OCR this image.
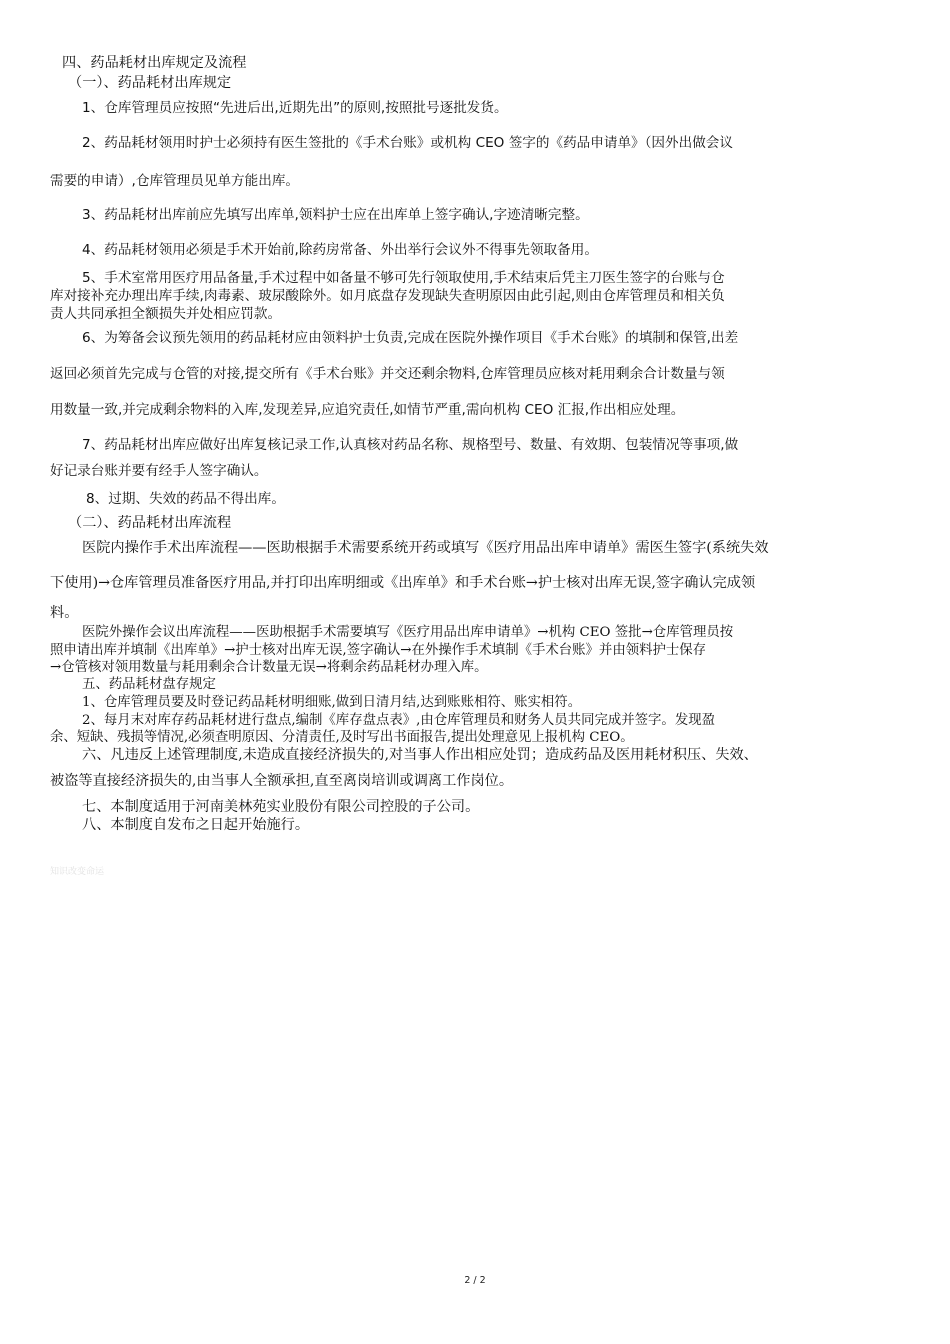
四、药品耗材出库规定及流程
（一）、药品耗材出库规定
1、仓库管理员应按照“先进后出,近期先出”的原则,按照批号逐批发货。
2、药品耗材领用时护士必须持有医生签批的《手术台账》或机构 CEO 签字的《药品申请单》（因外出做会议
需要的申请）,仓库管理员见单方能出库。
3、药品耗材出库前应先填写出库单,领料护士应在出库单上签字确认,字迹清晰完整。
4、药品耗材领用必须是手术开始前,除药房常备、外出举行会议外不得事先领取备用。
5、手术室常用医疗用品备量,手术过程中如备量不够可先行领取使用,手术结束后凭主刀医生签字的台账与仓
库对接补充办理出库手续,肉毒素、玻尿酸除外。如月底盘存发现缺失查明原因由此引起,则由仓库管理员和相关负
责人共同承担全额损失并处相应罚款。
6、为筹备会议预先领用的药品耗材应由领料护士负责,完成在医院外操作项目《手术台账》的填制和保管,出差
返回必须首先完成与仓管的对接,提交所有《手术台账》并交还剩余物料,仓库管理员应核对耗用剩余合计数量与领
用数量一致,并完成剩余物料的入库,发现差异,应追究责任,如情节严重,需向机构 CEO 汇报,作出相应处理。
7、药品耗材出库应做好出库复核记录工作,认真核对药品名称、规格型号、数量、有效期、包装情况等事项,做
好记录台账并要有经手人签字确认。
8、过期、失效的药品不得出库。
（二）、药品耗材出库流程
医院内操作手术出库流程——医助根据手术需要系统开药或填写《医疗用品出库申请单》需医生签字(系统失效
下使用)→仓库管理员准备医疗用品,并打印出库明细或《出库单》和手术台账→护士核对出库无误,签字确认完成领
料。
医院外操作会议出库流程——医助根据手术需要填写《医疗用品出库申请单》→机构 CEO 签批→仓库管理员按
照申请出库并填制《出库单》→护士核对出库无误,签字确认→在外操作手术填制《手术台账》并由领料护士保存
→仓管核对领用数量与耗用剩余合计数量无误→将剩余药品耗材办理入库。
五、药品耗材盘存规定
1、仓库管理员要及时登记药品耗材明细账,做到日清月结,达到账账相符、账实相符。
2、每月末对库存药品耗材进行盘点,编制《库存盘点表》,由仓库管理员和财务人员共同完成并签字。发现盈
余、短缺、残损等情况,必须查明原因、分清责任,及时写出书面报告,提出处理意见上报机构 CEO。
六、凡违反上述管理制度,未造成直接经济损失的,对当事人作出相应处罚；造成药品及医用耗材积压、失效、
被盗等直接经济损失的,由当事人全额承担,直至离岗培训或调离工作岗位。
七、本制度适用于河南美林苑实业股份有限公司控股的子公司。
八、本制度自发布之日起开始施行。
知识改变命运
2 / 2
